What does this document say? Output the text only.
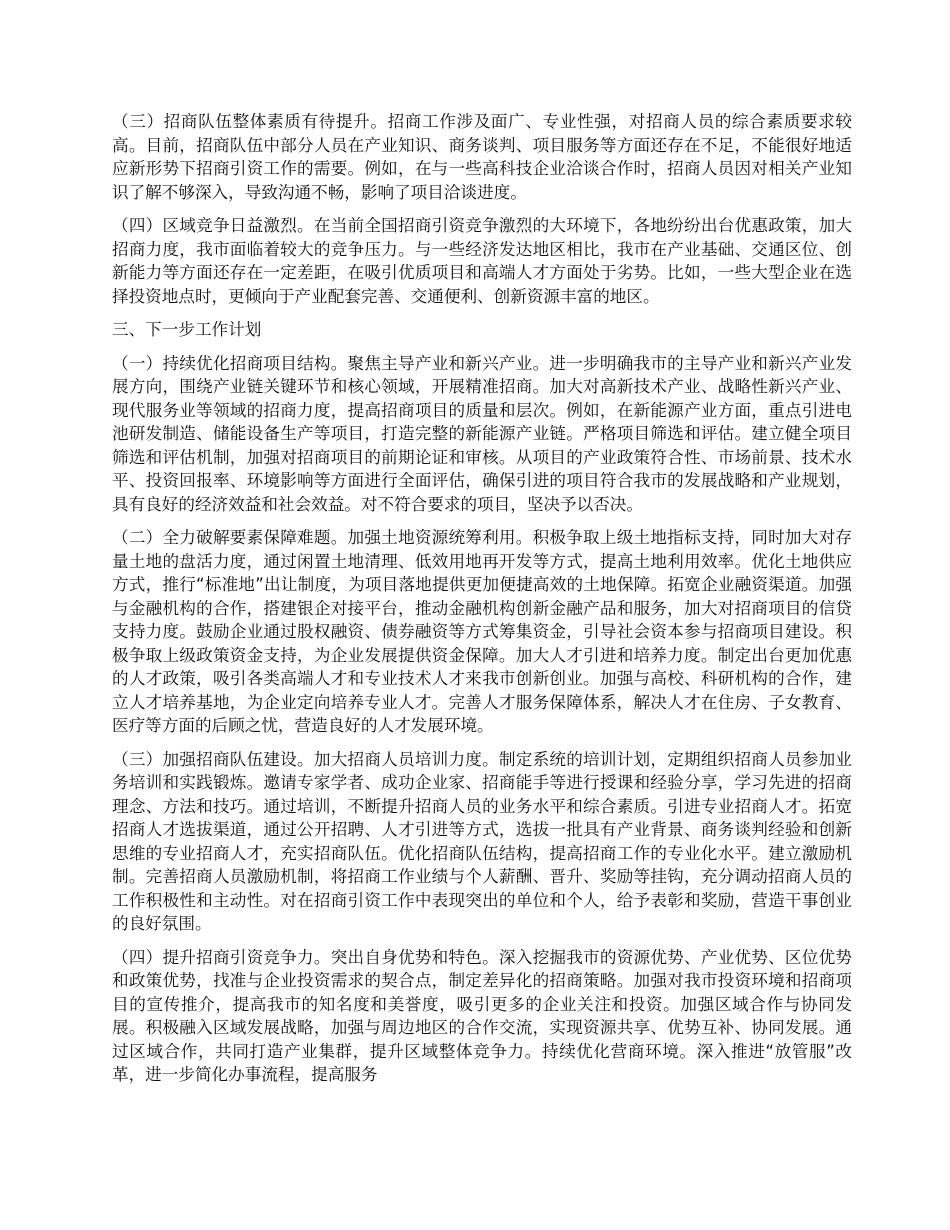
（三）招商队伍整体素质有待提升。招商工作涉及面广、专业性强，对招商人员的综合素质要求较高。目前，招商队伍中部分人员在产业知识、商务谈判、项目服务等方面还存在不足，不能很好地适应新形势下招商引资工作的需要。例如，在与一些高科技企业洽谈合作时，招商人员因对相关产业知识了解不够深入，导致沟通不畅，影响了项目洽谈进度。

（四）区域竞争日益激烈。在当前全国招商引资竞争激烈的大环境下，各地纷纷出台优惠政策，加大招商力度，我市面临着较大的竞争压力。与一些经济发达地区相比，我市在产业基础、交通区位、创新能力等方面还存在一定差距，在吸引优质项目和高端人才方面处于劣势。比如，一些大型企业在选择投资地点时，更倾向于产业配套完善、交通便利、创新资源丰富的地区。

三、下一步工作计划

（一）持续优化招商项目结构。聚焦主导产业和新兴产业。进一步明确我市的主导产业和新兴产业发展方向，围绕产业链关键环节和核心领域，开展精准招商。加大对高新技术产业、战略性新兴产业、现代服务业等领域的招商力度，提高招商项目的质量和层次。例如，在新能源产业方面，重点引进电池研发制造、储能设备生产等项目，打造完整的新能源产业链。严格项目筛选和评估。建立健全项目筛选和评估机制，加强对招商项目的前期论证和审核。从项目的产业政策符合性、市场前景、技术水平、投资回报率、环境影响等方面进行全面评估，确保引进的项目符合我市的发展战略和产业规划，具有良好的经济效益和社会效益。对不符合要求的项目，坚决予以否决。

（二）全力破解要素保障难题。加强土地资源统筹利用。积极争取上级土地指标支持，同时加大对存量土地的盘活力度，通过闲置土地清理、低效用地再开发等方式，提高土地利用效率。优化土地供应方式，推行“标准地”出让制度，为项目落地提供更加便捷高效的土地保障。拓宽企业融资渠道。加强与金融机构的合作，搭建银企对接平台，推动金融机构创新金融产品和服务，加大对招商项目的信贷支持力度。鼓励企业通过股权融资、债券融资等方式筹集资金，引导社会资本参与招商项目建设。积极争取上级政策资金支持，为企业发展提供资金保障。加大人才引进和培养力度。制定出台更加优惠的人才政策，吸引各类高端人才和专业技术人才来我市创新创业。加强与高校、科研机构的合作，建立人才培养基地，为企业定向培养专业人才。完善人才服务保障体系，解决人才在住房、子女教育、医疗等方面的后顾之忧，营造良好的人才发展环境。

（三）加强招商队伍建设。加大招商人员培训力度。制定系统的培训计划，定期组织招商人员参加业务培训和实践锻炼。邀请专家学者、成功企业家、招商能手等进行授课和经验分享，学习先进的招商理念、方法和技巧。通过培训，不断提升招商人员的业务水平和综合素质。引进专业招商人才。拓宽招商人才选拔渠道，通过公开招聘、人才引进等方式，选拔一批具有产业背景、商务谈判经验和创新思维的专业招商人才，充实招商队伍。优化招商队伍结构，提高招商工作的专业化水平。建立激励机制。完善招商人员激励机制，将招商工作业绩与个人薪酬、晋升、奖励等挂钩，充分调动招商人员的工作积极性和主动性。对在招商引资工作中表现突出的单位和个人，给予表彰和奖励，营造干事创业的良好氛围。

（四）提升招商引资竞争力。突出自身优势和特色。深入挖掘我市的资源优势、产业优势、区位优势和政策优势，找准与企业投资需求的契合点，制定差异化的招商策略。加强对我市投资环境和招商项目的宣传推介，提高我市的知名度和美誉度，吸引更多的企业关注和投资。加强区域合作与协同发展。积极融入区域发展战略，加强与周边地区的合作交流，实现资源共享、优势互补、协同发展。通过区域合作，共同打造产业集群，提升区域整体竞争力。持续优化营商环境。深入推进“放管服”改革，进一步简化办事流程，提高服务
